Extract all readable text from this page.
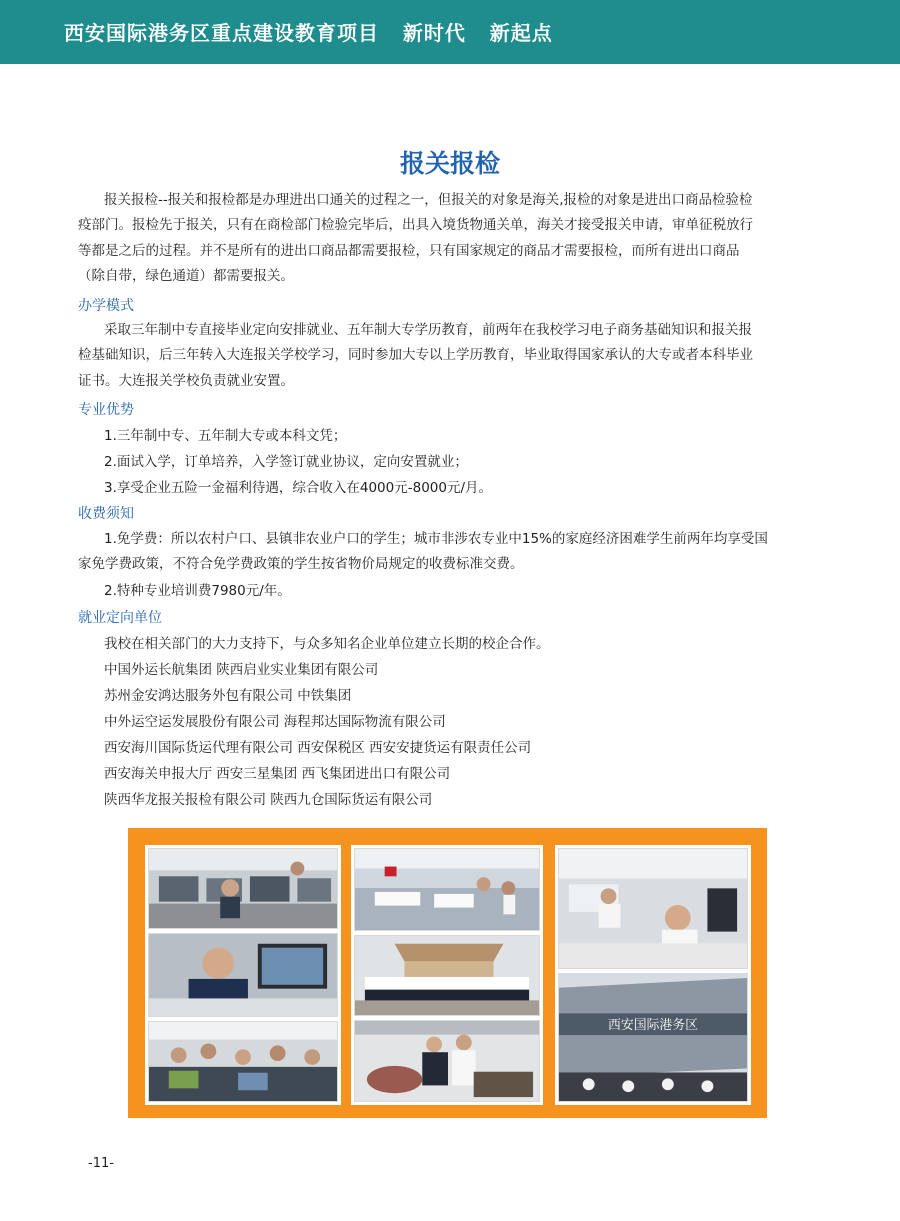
西安国际港务区重点建设教育项目   新时代   新起点
报关报检
报关报检--报关和报检都是办理进出口通关的过程之一，但报关的对象是海关,报检的对象是进出口商品检验检
疫部门。报检先于报关，只有在商检部门检验完毕后，出具入境货物通关单，海关才接受报关申请，审单征税放行
等都是之后的过程。并不是所有的进出口商品都需要报检，只有国家规定的商品才需要报检，而所有进出口商品
（除自带，绿色通道）都需要报关。
办学模式
采取三年制中专直接毕业定向安排就业、五年制大专学历教育，前两年在我校学习电子商务基础知识和报关报
检基础知识，后三年转入大连报关学校学习，同时参加大专以上学历教育，毕业取得国家承认的大专或者本科毕业
证书。大连报关学校负责就业安置。
专业优势
1.三年制中专、五年制大专或本科文凭；
2.面试入学，订单培养，入学签订就业协议，定向安置就业；
3.享受企业五险一金福利待遇，综合收入在4000元-8000元/月。
收费须知
1.免学费：所以农村户口、县镇非农业户口的学生；城市非涉农专业中15%的家庭经济困难学生前两年均享受国
家免学费政策，不符合免学费政策的学生按省物价局规定的收费标准交费。
2.特种专业培训费7980元/年。
就业定向单位
我校在相关部门的大力支持下，与众多知名企业单位建立长期的校企合作。
中国外运长航集团 陕西启业实业集团有限公司
苏州金安鸿达服务外包有限公司 中铁集团
中外运空运发展股份有限公司 海程邦达国际物流有限公司
西安海川国际货运代理有限公司 西安保税区 西安安捷货运有限责任公司
西安海关申报大厅 西安三星集团 西飞集团进出口有限公司
陕西华龙报关报检有限公司 陕西九仓国际货运有限公司
西安国际港务区
-11-
